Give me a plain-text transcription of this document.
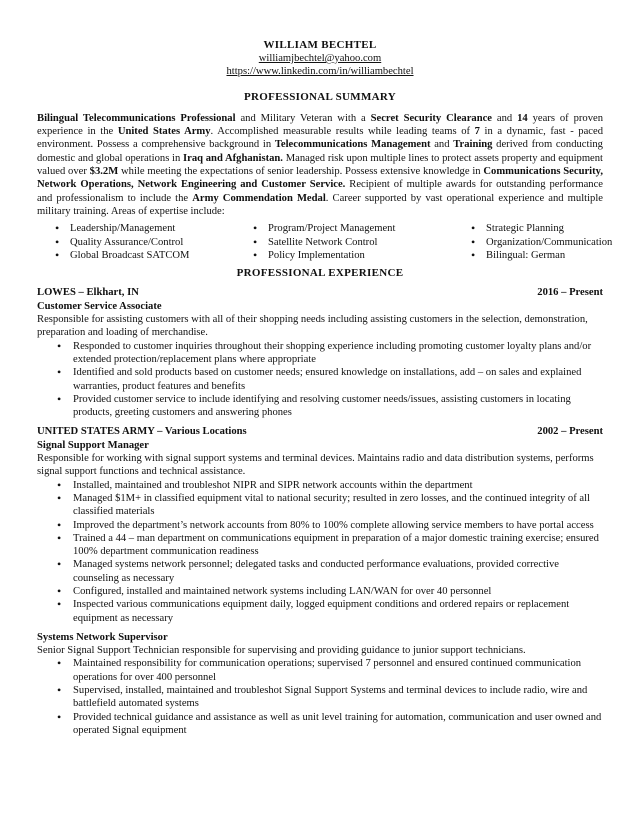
WILLIAM BECHTEL
williamjbechtel@yahoo.com
https://www.linkedin.com/in/williambechtel
PROFESSIONAL SUMMARY

Bilingual Telecommunications Professional and Military Veteran with a Secret Security Clearance and 14 years of proven experience in the United States Army. Accomplished measurable results while leading teams of 7 in a dynamic, fast - paced environment. Possess a comprehensive background in Telecommunications Management and Training derived from conducting domestic and global operations in Iraq and Afghanistan. Managed risk upon multiple lines to protect assets property and equipment valued over $3.2M while meeting the expectations of senior leadership. Possess extensive knowledge in Communications Security, Network Operations, Network Engineering and Customer Service. Recipient of multiple awards for outstanding performance and professionalism to include the Army Commendation Medal. Career supported by vast operational experience and multiple military training. Areas of expertise include:

• Leadership/Management
• Quality Assurance/Control
• Global Broadcast SATCOM
• Program/Project Management
• Satellite Network Control
• Policy Implementation
• Strategic Planning
• Organization/Communication
• Bilingual: German
PROFESSIONAL EXPERIENCE
LOWES – Elkhart, IN	2016 – Present
Customer Service Associate

Responsible for assisting customers with all of their shopping needs including assisting customers in the selection, demonstration, preparation and loading of merchandise.

• Responded to customer inquiries throughout their shopping experience including promoting customer loyalty plans and/or extended protection/replacement plans where appropriate
• Identified and sold products based on customer needs; ensured knowledge on installations, add – on sales and explained warranties, product features and benefits
• Provided customer service to include identifying and resolving customer needs/issues, assisting customers in locating products, greeting customers and answering phones
UNITED STATES ARMY – Various Locations	2002 – Present
Signal Support Manager

Responsible for working with signal support systems and terminal devices. Maintains radio and data distribution systems, performs signal support functions and technical assistance.

• Installed, maintained and troubleshot NIPR and SIPR network accounts within the department
• Managed $1M+ in classified equipment vital to national security; resulted in zero losses, and the continued integrity of all classified materials
• Improved the department’s network accounts from 80% to 100% complete allowing service members to have portal access
• Trained a 44 – man department on communications equipment in preparation of a major domestic training exercise; ensured 100% department communication readiness
• Managed systems network personnel; delegated tasks and conducted performance evaluations, provided corrective counseling as necessary
• Configured, installed and maintained network systems including LAN/WAN for over 40 personnel
• Inspected various communications equipment daily, logged equipment conditions and ordered repairs or replacement equipment as necessary
Systems Network Supervisor

Senior Signal Support Technician responsible for supervising and providing guidance to junior support technicians.

• Maintained responsibility for communication operations; supervised 7 personnel and ensured continued communication operations for over 400 personnel
• Supervised, installed, maintained and troubleshot Signal Support Systems and terminal devices to include radio, wire and battlefield automated systems
• Provided technical guidance and assistance as well as unit level training for automation, communication and user owned and operated Signal equipment
